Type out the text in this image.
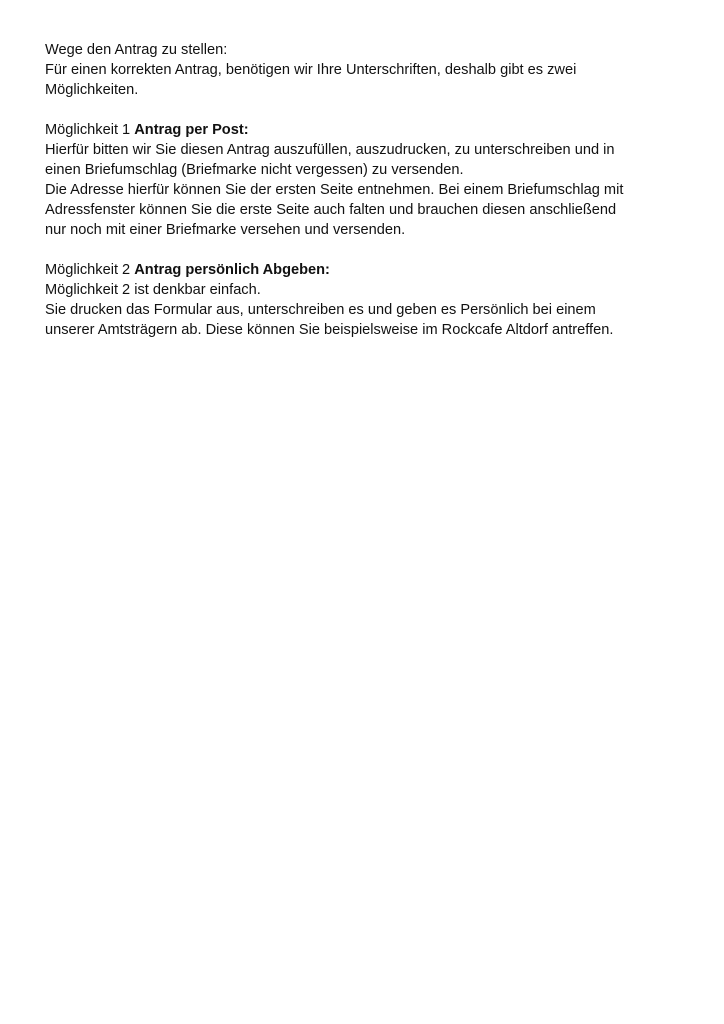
Wege den Antrag zu stellen:
Für einen korrekten Antrag, benötigen wir Ihre Unterschriften, deshalb gibt es zwei
Möglichkeiten.
Möglichkeit 1 Antrag per Post:
Hierfür bitten wir Sie diesen Antrag auszufüllen, auszudrucken, zu unterschreiben und in
einen Briefumschlag (Briefmarke nicht vergessen) zu versenden.
Die Adresse hierfür können Sie der ersten Seite entnehmen. Bei einem Briefumschlag mit
Adressfenster können Sie die erste Seite auch falten und brauchen diesen anschließend
nur noch mit einer Briefmarke versehen und versenden.
Möglichkeit 2 Antrag persönlich Abgeben:
Möglichkeit 2 ist denkbar einfach.
Sie drucken das Formular aus, unterschreiben es und geben es Persönlich bei einem
unserer Amtsträgern ab. Diese können Sie beispielsweise im Rockcafe Altdorf antreffen.
